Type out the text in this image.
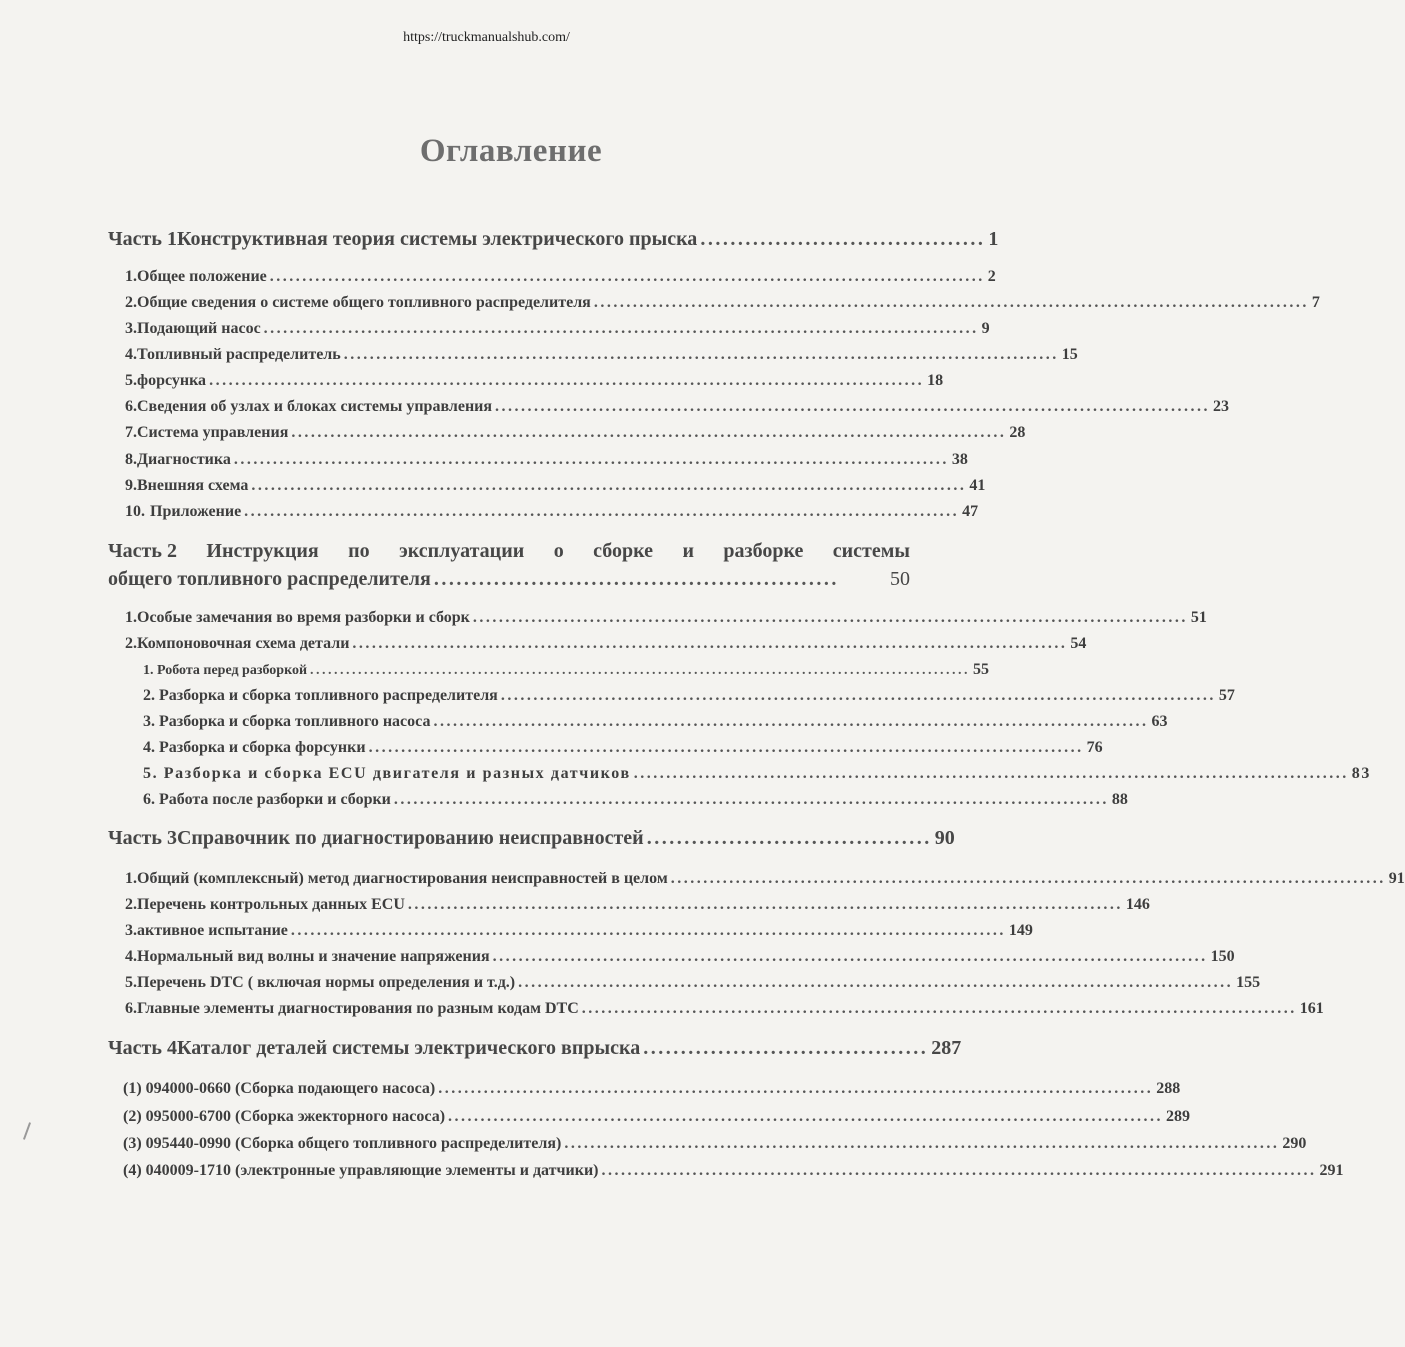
https://truckmanualshub.com/
Оглавление
Часть 1 Конструктивная теория системы электрического прыска ...................................... 1
1. Общее положение .............................................................................................................. 2
2. Общие сведения о системе общего топливного распределителя .............................................................................................................. 7
3. Подающий насос .............................................................................................................. 9
4. Топливный распределитель .............................................................................................................. 15
5. форсунка .............................................................................................................. 18
6. Сведения об узлах и блоках системы управления .............................................................................................................. 23
7. Система управления .............................................................................................................. 28
8. Диагностика .............................................................................................................. 38
9. Внешняя схема .............................................................................................................. 41
10. Приложение .............................................................................................................. 47
Часть 2 Инструкция по эксплуатации о сборке и разборке системы
общего топливного распределителя ......................................................	50
1. Особые замечания во время разборки и сборк .............................................................................................................. 51
2. Компоновочная схема детали .............................................................................................................. 54
1. Робота перед разборкой .............................................................................................................. 55
2. Разборка и сборка топливного распределителя .............................................................................................................. 57
3. Разборка и сборка топливного насоса .............................................................................................................. 63
4. Разборка и сборка форсунки .............................................................................................................. 76
5. Разборка и сборка ECU двигателя и разных датчиков .............................................................................................................. 83
6. Работа после разборки и сборки .............................................................................................................. 88
Часть 3 Справочник по диагностированию неисправностей ...................................... 90
1. Общий (комплексный) метод диагностирования неисправностей в целом .............................................................................................................. 91
2. Перечень контрольных данных ECU .............................................................................................................. 146
3. активное испытание .............................................................................................................. 149
4. Нормальный вид волны и значение напряжения .............................................................................................................. 150
5. Перечень DTC ( включая нормы определения и т.д.) .............................................................................................................. 155
6. Главные элементы диагностирования по разным кодам DTC .............................................................................................................. 161
Часть 4 Каталог деталей системы электрического впрыска ...................................... 287
(1) 094000-0660 (Сборка подающего насоса) .............................................................................................................. 288
(2) 095000-6700 (Сборка эжекторного насоса) .............................................................................................................. 289
(3) 095440-0990 (Сборка общего топливного распределителя) .............................................................................................................. 290
(4) 040009-1710 (электронные управляющие элементы и датчики) .............................................................................................................. 291
